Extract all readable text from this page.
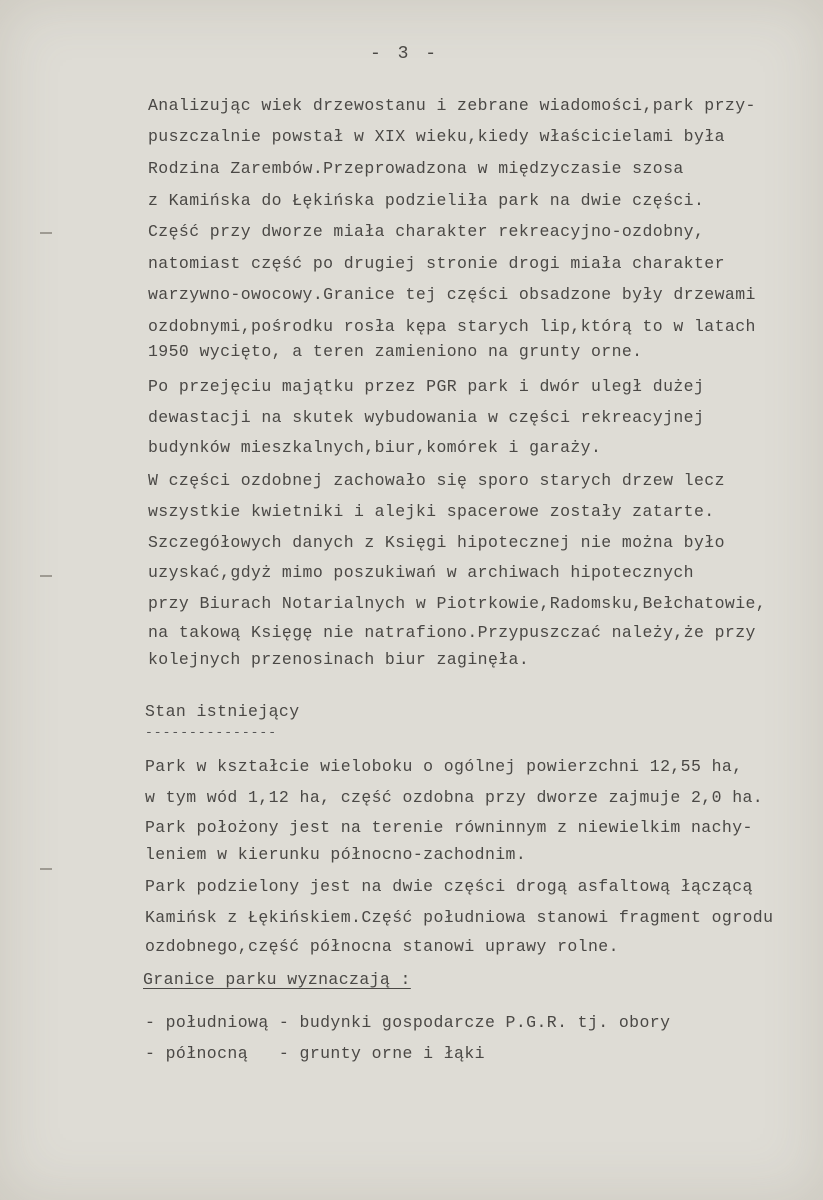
- 3 -
Analizując wiek drzewostanu i zebrane wiadomości,park przy-
puszczalnie powstał w XIX wieku,kiedy właścicielami była
Rodzina Zarembów.Przeprowadzona w międzyczasie szosa
z Kamińska do Łękińska podzieliła park na dwie części.
Część przy dworze miała charakter rekreacyjno-ozdobny,
natomiast część po drugiej stronie drogi miała charakter
warzywno-owocowy.Granice tej części obsadzone były drzewami
ozdobnymi,pośrodku rosła kępa starych lip,którą to w latach
1950 wycięto, a teren zamieniono na grunty orne.
Po przejęciu majątku przez PGR park i dwór uległ dużej
dewastacji na skutek wybudowania w części rekreacyjnej
budynków mieszkalnych,biur,komórek i garaży.
W części ozdobnej zachowało się sporo starych drzew lecz
wszystkie kwietniki i alejki spacerowe zostały zatarte.
Szczegółowych danych z Księgi hipotecznej nie można było
uzyskać,gdyż mimo poszukiwań w archiwach hipotecznych
przy Biurach Notarialnych w Piotrkowie,Radomsku,Bełchatowie,
na takową Księgę nie natrafiono.Przypuszczać należy,że przy
kolejnych przenosinach biur zaginęła.
Stan istniejący
---------------
Park w kształcie wieloboku o ogólnej powierzchni 12,55 ha,
w tym wód 1,12 ha, część ozdobna przy dworze zajmuje 2,0 ha.
Park położony jest na terenie równinnym z niewielkim nachy-
leniem w kierunku północno-zachodnim.
Park podzielony jest na dwie części drogą asfaltową łączącą
Kamińsk z Łękińskiem.Część południowa stanowi fragment ogrodu
ozdobnego,część północna stanowi uprawy rolne.
Granice parku wyznaczają :
- południową - budynki gospodarcze P.G.R. tj. obory
- północną   - grunty orne i łąki
